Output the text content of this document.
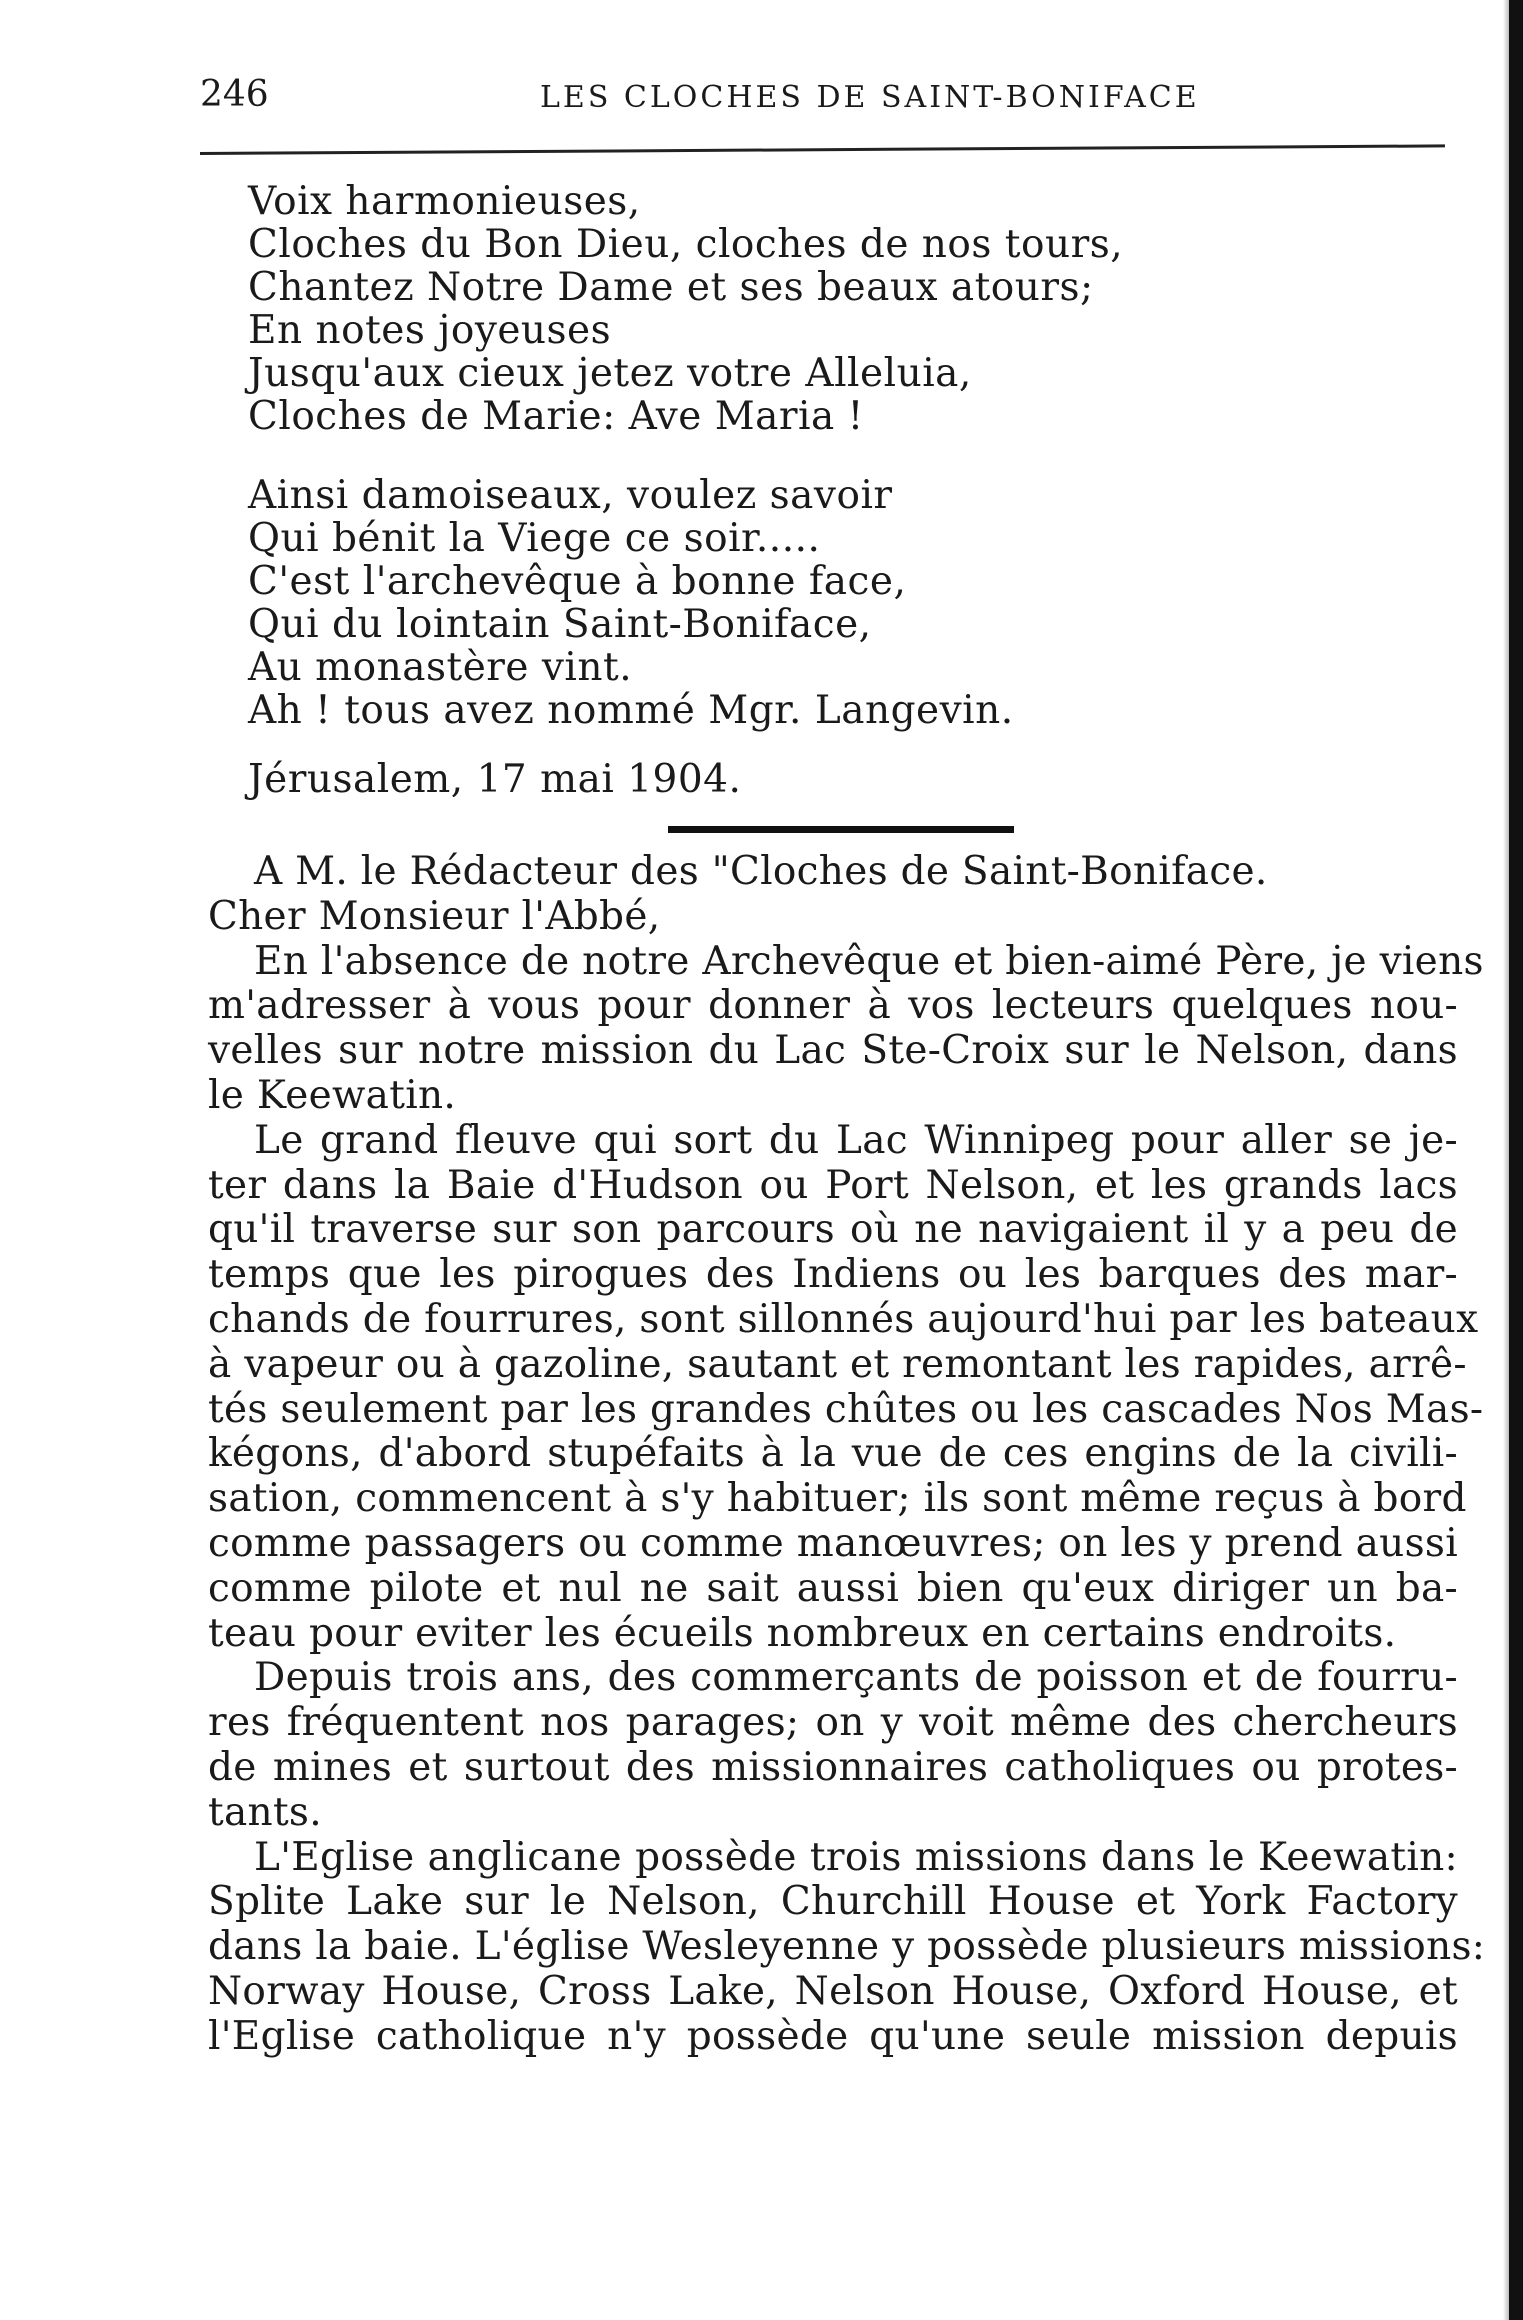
246	LES CLOCHES DE SAINT-BONIFACE
Voix harmonieuses,
Cloches du Bon Dieu, cloches de nos tours,
Chantez Notre Dame et ses beaux atours;
En notes joyeuses
Jusqu'aux cieux jetez votre Alleluia,
Cloches de Marie: Ave Maria !
Ainsi damoiseaux, voulez savoir
Qui bénit la Viege ce soir.....
C'est l'archevêque à bonne face,
Qui du lointain Saint-Boniface,
Au monastère vint.
Ah ! tous avez nommé Mgr. Langevin.
Jérusalem, 17 mai 1904.
A M. le Rédacteur des "Cloches de Saint-Boniface.
Cher Monsieur l'Abbé,
En l'absence de notre Archevêque et bien-aimé Père, je viens
m'adresser à vous pour donner à vos lecteurs quelques nou-
velles sur notre mission du Lac Ste-Croix sur le Nelson, dans
le Keewatin.
Le grand fleuve qui sort du Lac Winnipeg pour aller se je-
ter dans la Baie d'Hudson ou Port Nelson, et les grands lacs
qu'il traverse sur son parcours où ne navigaient il y a peu de
temps que les pirogues des Indiens ou les barques des mar-
chands de fourrures, sont sillonnés aujourd'hui par les bateaux
à vapeur ou à gazoline, sautant et remontant les rapides, arrê-
tés seulement par les grandes chûtes ou les cascades Nos Mas-
kégons, d'abord stupéfaits à la vue de ces engins de la civili-
sation, commencent à s'y habituer; ils sont même reçus à bord
comme passagers ou comme manœuvres; on les y prend aussi
comme pilote et nul ne sait aussi bien qu'eux diriger un ba-
teau pour eviter les écueils nombreux en certains endroits.
Depuis trois ans, des commerçants de poisson et de fourru-
res fréquentent nos parages; on y voit même des chercheurs
de mines et surtout des missionnaires catholiques ou protes-
tants.
L'Eglise anglicane possède trois missions dans le Keewatin:
Splite Lake sur le Nelson, Churchill House et York Factory
dans la baie. L'église Wesleyenne y possède plusieurs missions:
Norway House, Cross Lake, Nelson House, Oxford House, et
l'Eglise catholique n'y possède qu'une seule mission depuis
